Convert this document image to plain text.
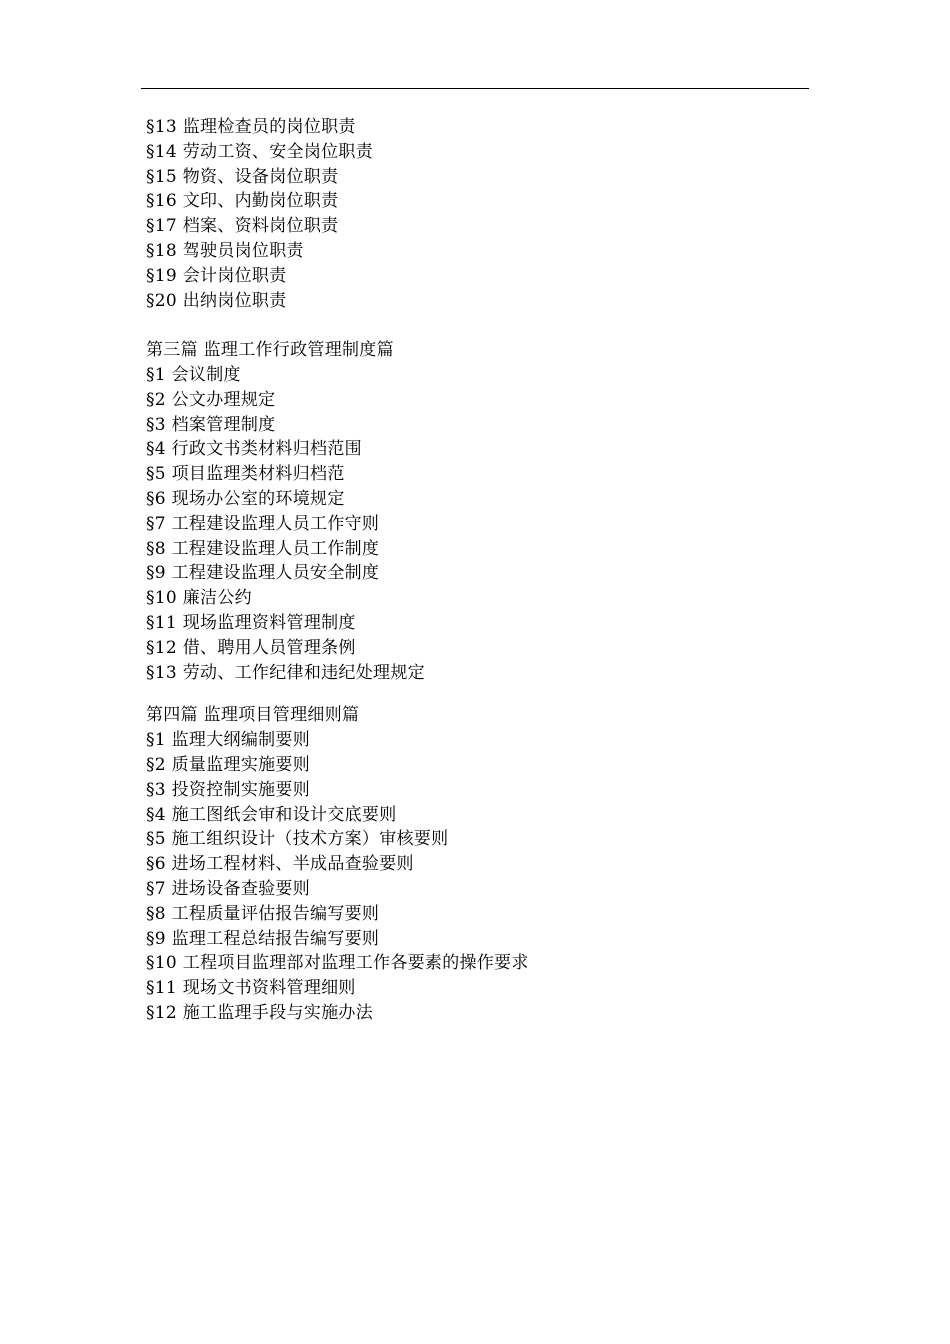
§13 监理检查员的岗位职责
§14 劳动工资、安全岗位职责
§15 物资、设备岗位职责
§16 文印、内勤岗位职责
§17 档案、资料岗位职责
§18 驾驶员岗位职责
§19 会计岗位职责
§20 出纳岗位职责
第三篇 监理工作行政管理制度篇
§1 会议制度
§2 公文办理规定
§3 档案管理制度
§4 行政文书类材料归档范围
§5 项目监理类材料归档范
§6 现场办公室的环境规定
§7 工程建设监理人员工作守则
§8 工程建设监理人员工作制度
§9 工程建设监理人员安全制度
§10 廉洁公约
§11 现场监理资料管理制度
§12 借、聘用人员管理条例
§13 劳动、工作纪律和违纪处理规定
第四篇 监理项目管理细则篇
§1 监理大纲编制要则
§2 质量监理实施要则
§3 投资控制实施要则
§4 施工图纸会审和设计交底要则
§5 施工组织设计（技术方案）审核要则
§6 进场工程材料、半成品查验要则
§7 进场设备查验要则
§8 工程质量评估报告编写要则
§9 监理工程总结报告编写要则
§10 工程项目监理部对监理工作各要素的操作要求
§11 现场文书资料管理细则
§12 施工监理手段与实施办法
